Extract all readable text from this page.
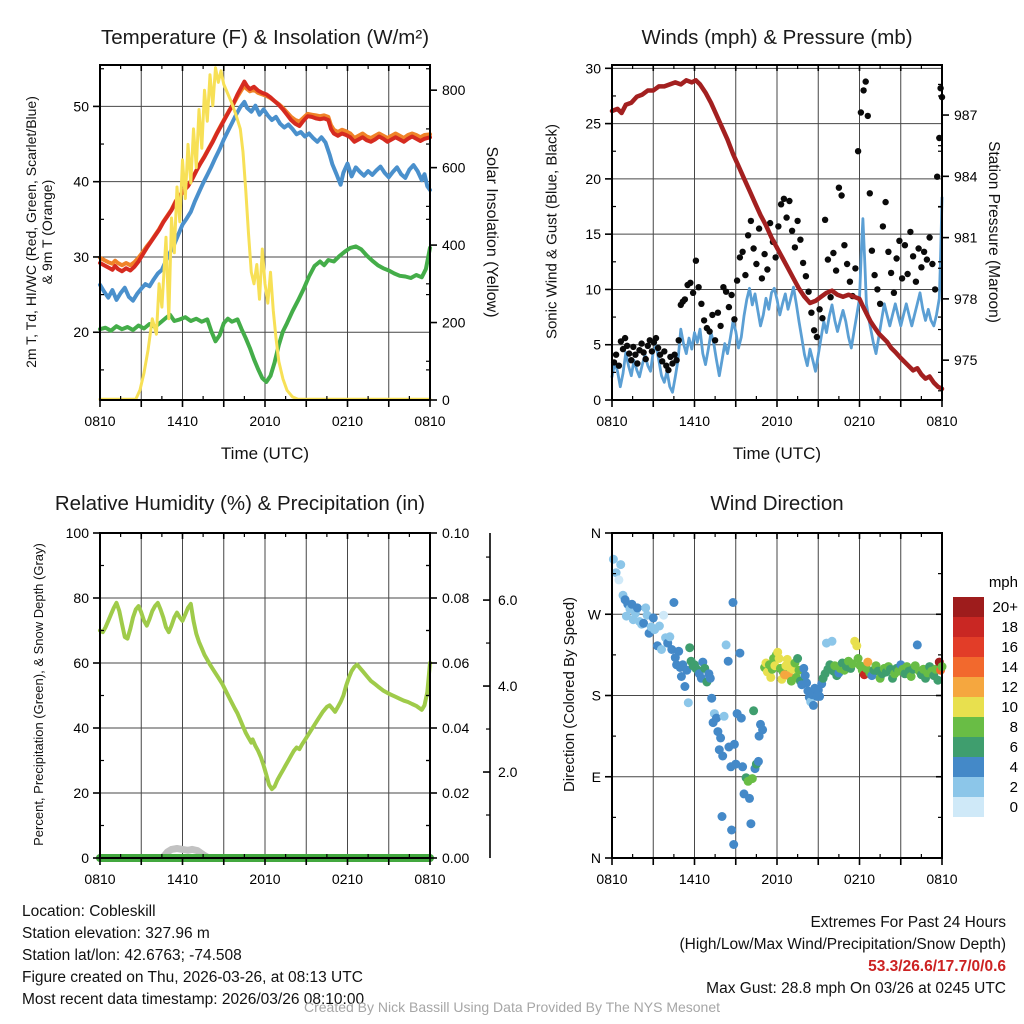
0810	1410	2010	0210	0810
20
30
40
50
0
200
400
600
800
0810	1410	2010	0210	0810
0
5
10
15
20
25
30
975
978
981
984
987
0810	1410	2010	0210	0810
0
20
40
60
80
100
0.00
0.02
0.04
0.06
0.08
0.10
2.0
4.0
6.0
0810	1410	2010	0210	0810
N
E
S
W
N
mph
20+
18
16
14
12
10
8
6
4
2
0
Temperature (F) & Insolation (W/m²)	Winds (mph) & Pressure (mb)
Relative Humidity (%) & Precipitation (in)	Wind Direction
Time (UTC)	Time (UTC)
2m T, Td, HI/WC (Red, Green, Scarlet/Blue) & 9m T (Orange)	Solar Insolation (Yellow)	Sonic Wind & Gust (Blue, Black)	Station Pressure (Maroon)
Percent, Precipitation (Green), & Snow Depth (Gray)	Direction (Colored By Speed)
Location: Cobleskill
Station elevation: 327.96 m
Station lat/lon: 42.6763; -74.508
Figure created on Thu, 2026-03-26, at 08:13 UTC
Most recent data timestamp: 2026/03/26 08:10:00
Extremes For Past 24 Hours
(High/Low/Max Wind/Precipitation/Snow Depth)
53.3/26.6/17.7/0/0.6
Max Gust: 28.8 mph On 03/26 at 0245 UTC
Created By Nick Bassill Using Data Provided By The NYS Mesonet
